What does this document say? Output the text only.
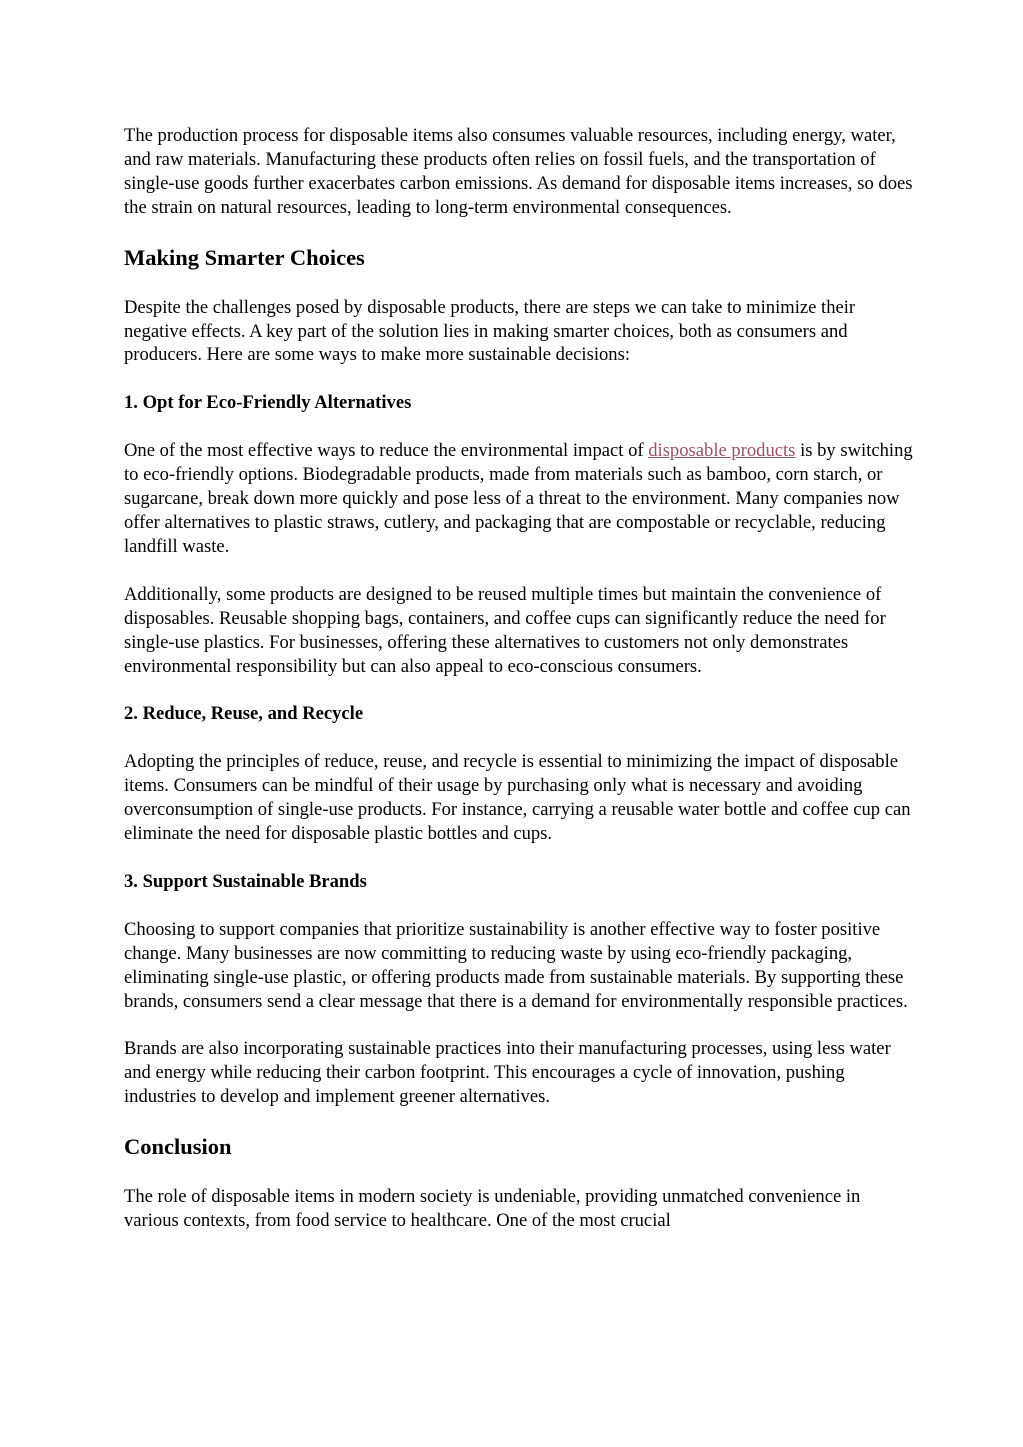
The production process for disposable items also consumes valuable resources, including energy, water, and raw materials. Manufacturing these products often relies on fossil fuels, and the transportation of single-use goods further exacerbates carbon emissions. As demand for disposable items increases, so does the strain on natural resources, leading to long-term environmental consequences.

Making Smarter Choices

Despite the challenges posed by disposable products, there are steps we can take to minimize their negative effects. A key part of the solution lies in making smarter choices, both as consumers and producers. Here are some ways to make more sustainable decisions:

1. Opt for Eco-Friendly Alternatives

One of the most effective ways to reduce the environmental impact of disposable products is by switching to eco-friendly options. Biodegradable products, made from materials such as bamboo, corn starch, or sugarcane, break down more quickly and pose less of a threat to the environment. Many companies now offer alternatives to plastic straws, cutlery, and packaging that are compostable or recyclable, reducing landfill waste.

Additionally, some products are designed to be reused multiple times but maintain the convenience of disposables. Reusable shopping bags, containers, and coffee cups can significantly reduce the need for single-use plastics. For businesses, offering these alternatives to customers not only demonstrates environmental responsibility but can also appeal to eco-conscious consumers.

2. Reduce, Reuse, and Recycle

Adopting the principles of reduce, reuse, and recycle is essential to minimizing the impact of disposable items. Consumers can be mindful of their usage by purchasing only what is necessary and avoiding overconsumption of single-use products. For instance, carrying a reusable water bottle and coffee cup can eliminate the need for disposable plastic bottles and cups.

3. Support Sustainable Brands

Choosing to support companies that prioritize sustainability is another effective way to foster positive change. Many businesses are now committing to reducing waste by using eco-friendly packaging, eliminating single-use plastic, or offering products made from sustainable materials. By supporting these brands, consumers send a clear message that there is a demand for environmentally responsible practices.

Brands are also incorporating sustainable practices into their manufacturing processes, using less water and energy while reducing their carbon footprint. This encourages a cycle of innovation, pushing industries to develop and implement greener alternatives.

Conclusion

The role of disposable items in modern society is undeniable, providing unmatched convenience in various contexts, from food service to healthcare. One of the most crucial
